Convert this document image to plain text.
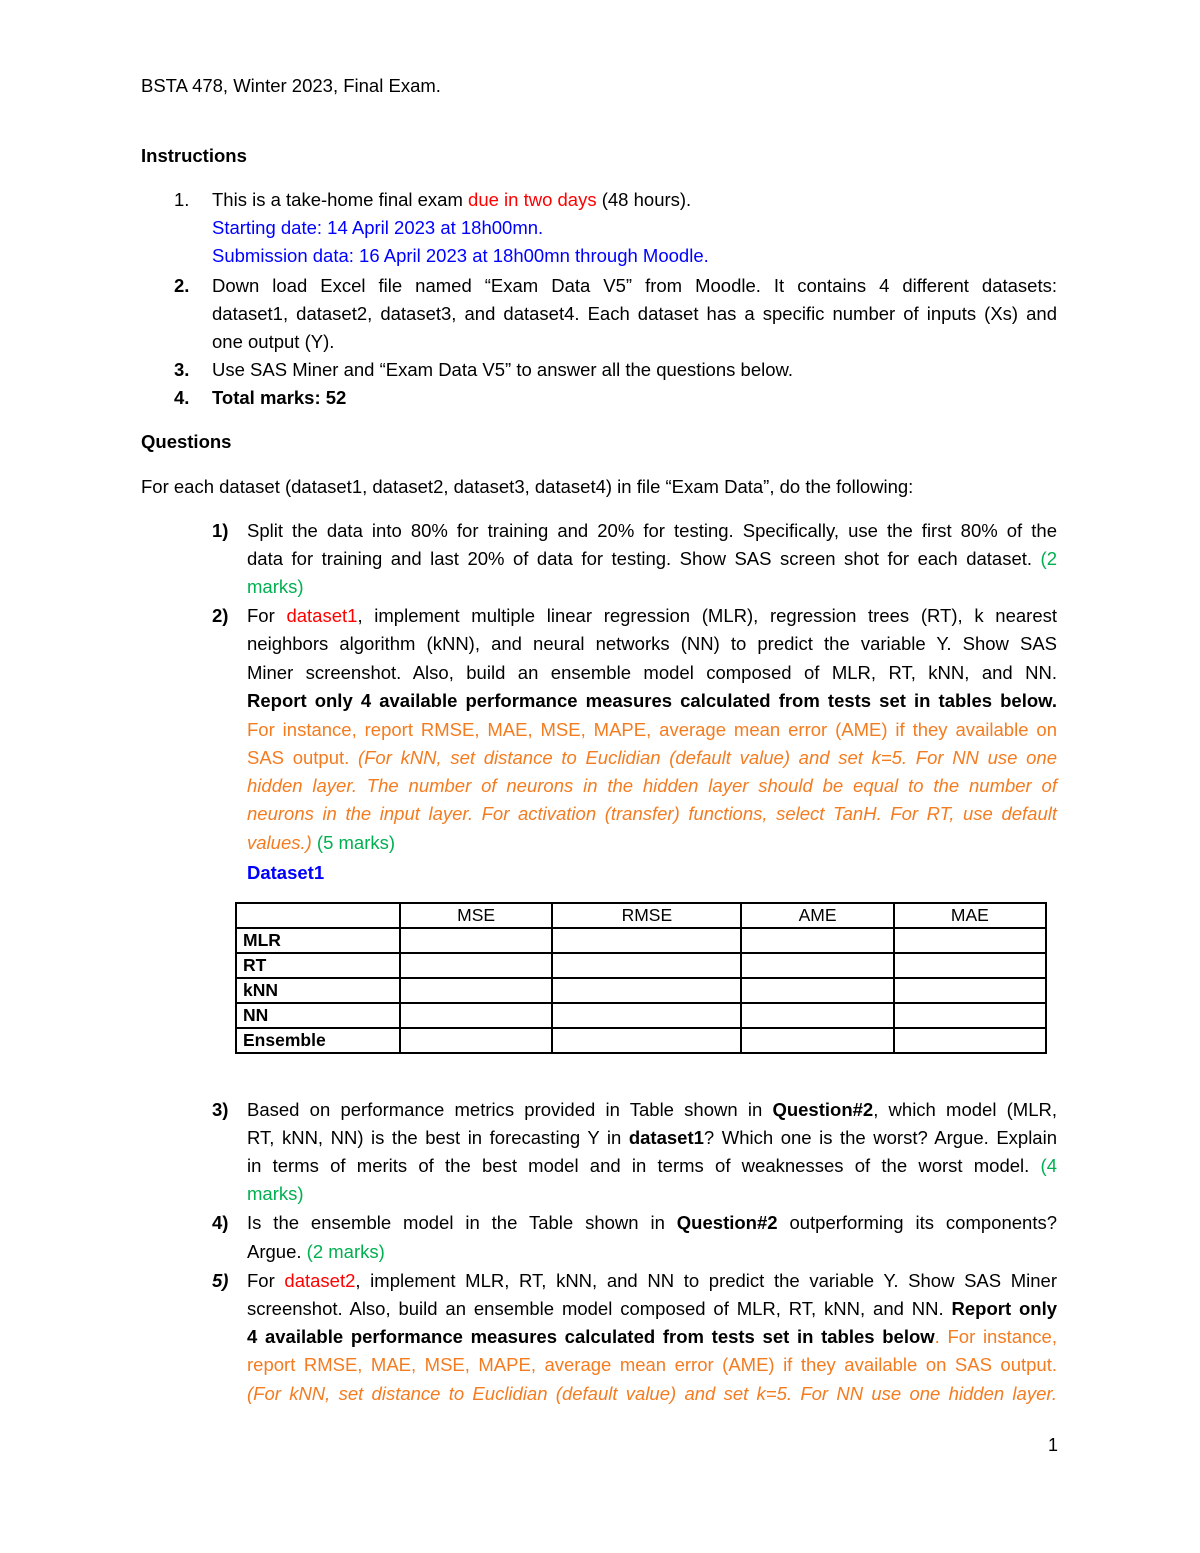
BSTA 478, Winter 2023, Final Exam.
Instructions
1. This is a take-home final exam due in two days (48 hours).
Starting date: 14 April 2023 at 18h00mn.
Submission data: 16 April 2023 at 18h00mn through Moodle.
2. Down load Excel file named “Exam Data V5” from Moodle. It contains 4 different datasets:
dataset1, dataset2, dataset3, and dataset4. Each dataset has a specific number of inputs (Xs) and
one output (Y).
3. Use SAS Miner and “Exam Data V5” to answer all the questions below.
4. Total marks: 52
Questions
For each dataset (dataset1, dataset2, dataset3, dataset4) in file “Exam Data”, do the following:
1) Split the data into 80% for training and 20% for testing. Specifically, use the first 80% of the
data for training and last 20% of data for testing. Show SAS screen shot for each dataset. (2
marks)
2) For dataset1, implement multiple linear regression (MLR), regression trees (RT), k nearest
neighbors algorithm (kNN), and neural networks (NN) to predict the variable Y. Show SAS
Miner screenshot. Also, build an ensemble model composed of MLR, RT, kNN, and NN.
Report only 4 available performance measures calculated from tests set in tables below.
For instance, report RMSE, MAE, MSE, MAPE, average mean error (AME) if they available on
SAS output. (For kNN, set distance to Euclidian (default value) and set k=5. For NN use one
hidden layer. The number of neurons in the hidden layer should be equal to the number of
neurons in the input layer. For activation (transfer) functions, select TanH. For RT, use default
values.) (5 marks)
Dataset1
	MSE	RMSE	AME	MAE
MLR				
RT				
kNN				
NN				
Ensemble				
3) Based on performance metrics provided in Table shown in Question#2, which model (MLR,
RT, kNN, NN) is the best in forecasting Y in dataset1? Which one is the worst? Argue. Explain
in terms of merits of the best model and in terms of weaknesses of the worst model. (4
marks)
4) Is the ensemble model in the Table shown in Question#2 outperforming its components?
Argue. (2 marks)
5) For dataset2, implement MLR, RT, kNN, and NN to predict the variable Y. Show SAS Miner
screenshot. Also, build an ensemble model composed of MLR, RT, kNN, and NN. Report only
4 available performance measures calculated from tests set in tables below. For instance,
report RMSE, MAE, MSE, MAPE, average mean error (AME) if they available on SAS output.
(For kNN, set distance to Euclidian (default value) and set k=5. For NN use one hidden layer.
1
